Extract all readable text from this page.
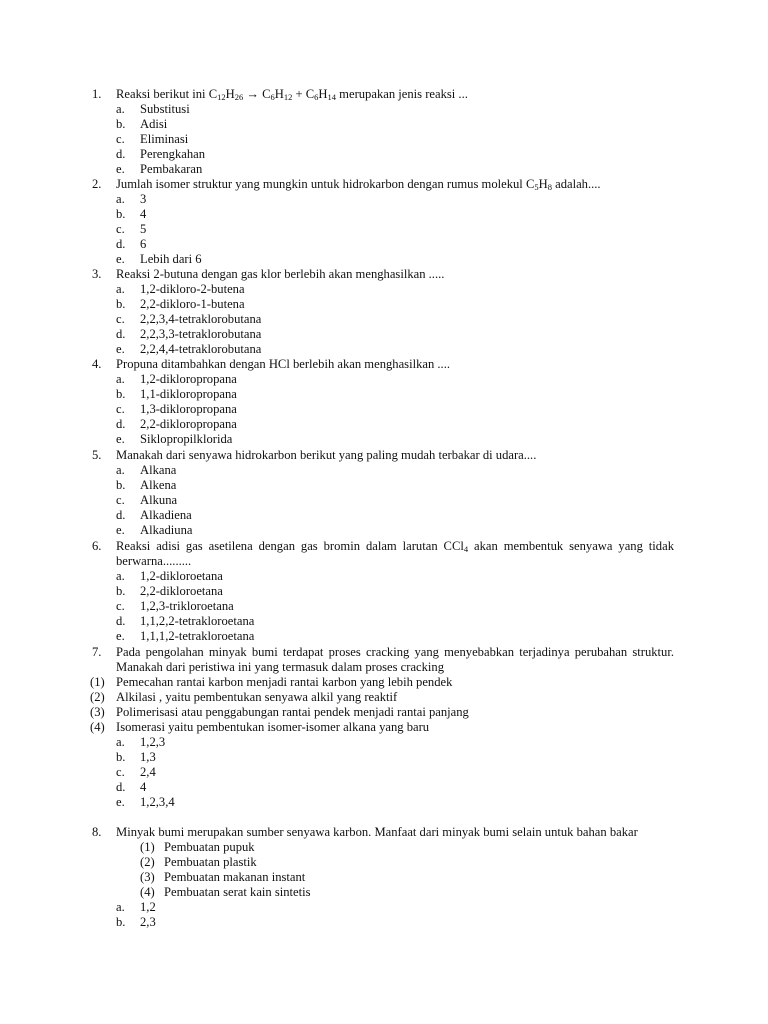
1. Reaksi berikut ini $C_{12}H_{26} \to C_6H_{12} + C_6H_{14}$ merupakan jenis reaksi ...
a. Substitusi
b. Adisi
c. Eliminasi
d. Perengkahan
e. Pembakaran
2. Jumlah isomer struktur yang mungkin untuk hidrokarbon dengan rumus molekul $C_5H_8$ adalah....
a. 3
b. 4
c. 5
d. 6
e. Lebih dari 6
3. Reaksi 2-butuna dengan gas klor berlebih akan menghasilkan .....
a. 1,2-dikloro-2-butena
b. 2,2-dikloro-1-butena
c. 2,2,3,4-tetraklorobutana
d. 2,2,3,3-tetraklorobutana
e. 2,2,4,4-tetraklorobutana
4. Propuna ditambahkan dengan HCl berlebih akan menghasilkan ....
a. 1,2-dikloropropana
b. 1,1-dikloropropana
c. 1,3-dikloropropana
d. 2,2-dikloropropana
e. Siklopropilklorida
5. Manakah dari senyawa hidrokarbon berikut yang paling mudah terbakar di udara....
a. Alkana
b. Alkena
c. Alkuna
d. Alkadiena
e. Alkadiuna
6. Reaksi adisi gas asetilena dengan gas bromin dalam larutan CCl$_4$ akan membentuk senyawa yang tidak
berwarna.........
a. 1,2-dikloroetana
b. 2,2-dikloroetana
c. 1,2,3-trikloroetana
d. 1,1,2,2-tetrakloroetana
e. 1,1,1,2-tetrakloroetana
7. Pada pengolahan minyak bumi terdapat proses cracking yang menyebabkan terjadinya perubahan struktur.
Manakah dari peristiwa ini yang termasuk dalam proses cracking
(1) Pemecahan rantai karbon menjadi rantai karbon yang lebih pendek
(2) Alkilasi , yaitu pembentukan senyawa alkil yang reaktif
(3) Polimerisasi atau penggabungan rantai pendek menjadi rantai panjang
(4) Isomerasi yaitu pembentukan isomer-isomer alkana yang baru
a. 1,2,3
b. 1,3
c. 2,4
d. 4
e. 1,2,3,4
8. Minyak bumi merupakan sumber senyawa karbon. Manfaat dari minyak bumi selain untuk bahan bakar
(1) Pembuatan pupuk
(2) Pembuatan plastik
(3) Pembuatan makanan instant
(4) Pembuatan serat kain sintetis
a. 1,2
b. 2,3
